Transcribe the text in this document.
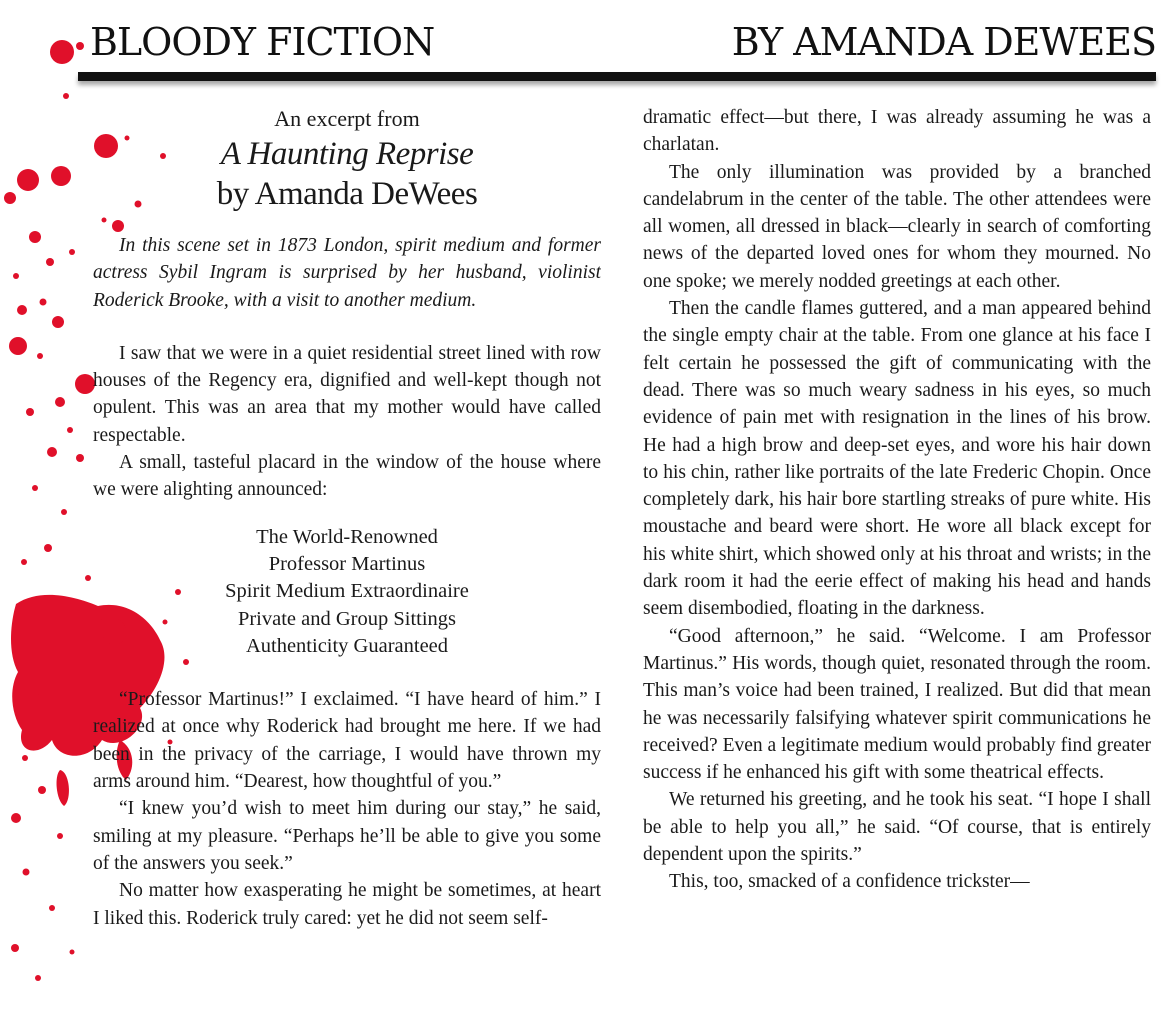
BLOODY FICTION	BY AMANDA DEWEES
An excerpt from
A Haunting Reprise
by Amanda DeWees

In this scene set in 1873 London, spirit medium and former actress Sybil Ingram is surprised by her husband, violinist Roderick Brooke, with a visit to another medium.

I saw that we were in a quiet residential street lined with row houses of the Regency era, dignified and well-kept though not opulent. This was an area that my mother would have called respectable.

A small, tasteful placard in the window of the house where we were alighting announced:

The World-Renowned
Professor Martinus
Spirit Medium Extraordinaire
Private and Group Sittings
Authenticity Guaranteed

“Professor Martinus!” I exclaimed. “I have heard of him.” I realized at once why Roderick had brought me here. If we had been in the privacy of the carriage, I would have thrown my arms around him. “Dearest, how thoughtful of you.”

“I knew you’d wish to meet him during our stay,” he said, smiling at my pleasure. “Perhaps he’ll be able to give you some of the answers you seek.”

No matter how exasperating he might be sometimes, at heart I liked this. Roderick truly cared: yet he did not seem self-

dramatic effect—but there, I was already assuming he was a charlatan.

The only illumination was provided by a branched candelabrum in the center of the table. The other attendees were all women, all dressed in black—clearly in search of comforting news of the departed loved ones for whom they mourned. No one spoke; we merely nodded greetings at each other.

Then the candle flames guttered, and a man appeared behind the single empty chair at the table. From one glance at his face I felt certain he possessed the gift of communicating with the dead. There was so much weary sadness in his eyes, so much evidence of pain met with resignation in the lines of his brow. He had a high brow and deep-set eyes, and wore his hair down to his chin, rather like portraits of the late Frederic Chopin. Once completely dark, his hair bore startling streaks of pure white. His moustache and beard were short. He wore all black except for his white shirt, which showed only at his throat and wrists; in the dark room it had the eerie effect of making his head and hands seem disembodied, floating in the darkness.

“Good afternoon,” he said. “Welcome. I am Professor Martinus.” His words, though quiet, resonated through the room. This man’s voice had been trained, I realized. But did that mean he was necessarily falsifying whatever spirit communications he received? Even a legitimate medium would probably find greater success if he enhanced his gift with some theatrical effects.

We returned his greeting, and he took his seat. “I hope I shall be able to help you all,” he said. “Of course, that is entirely dependent upon the spirits.”

This, too, smacked of a confidence trickster—
